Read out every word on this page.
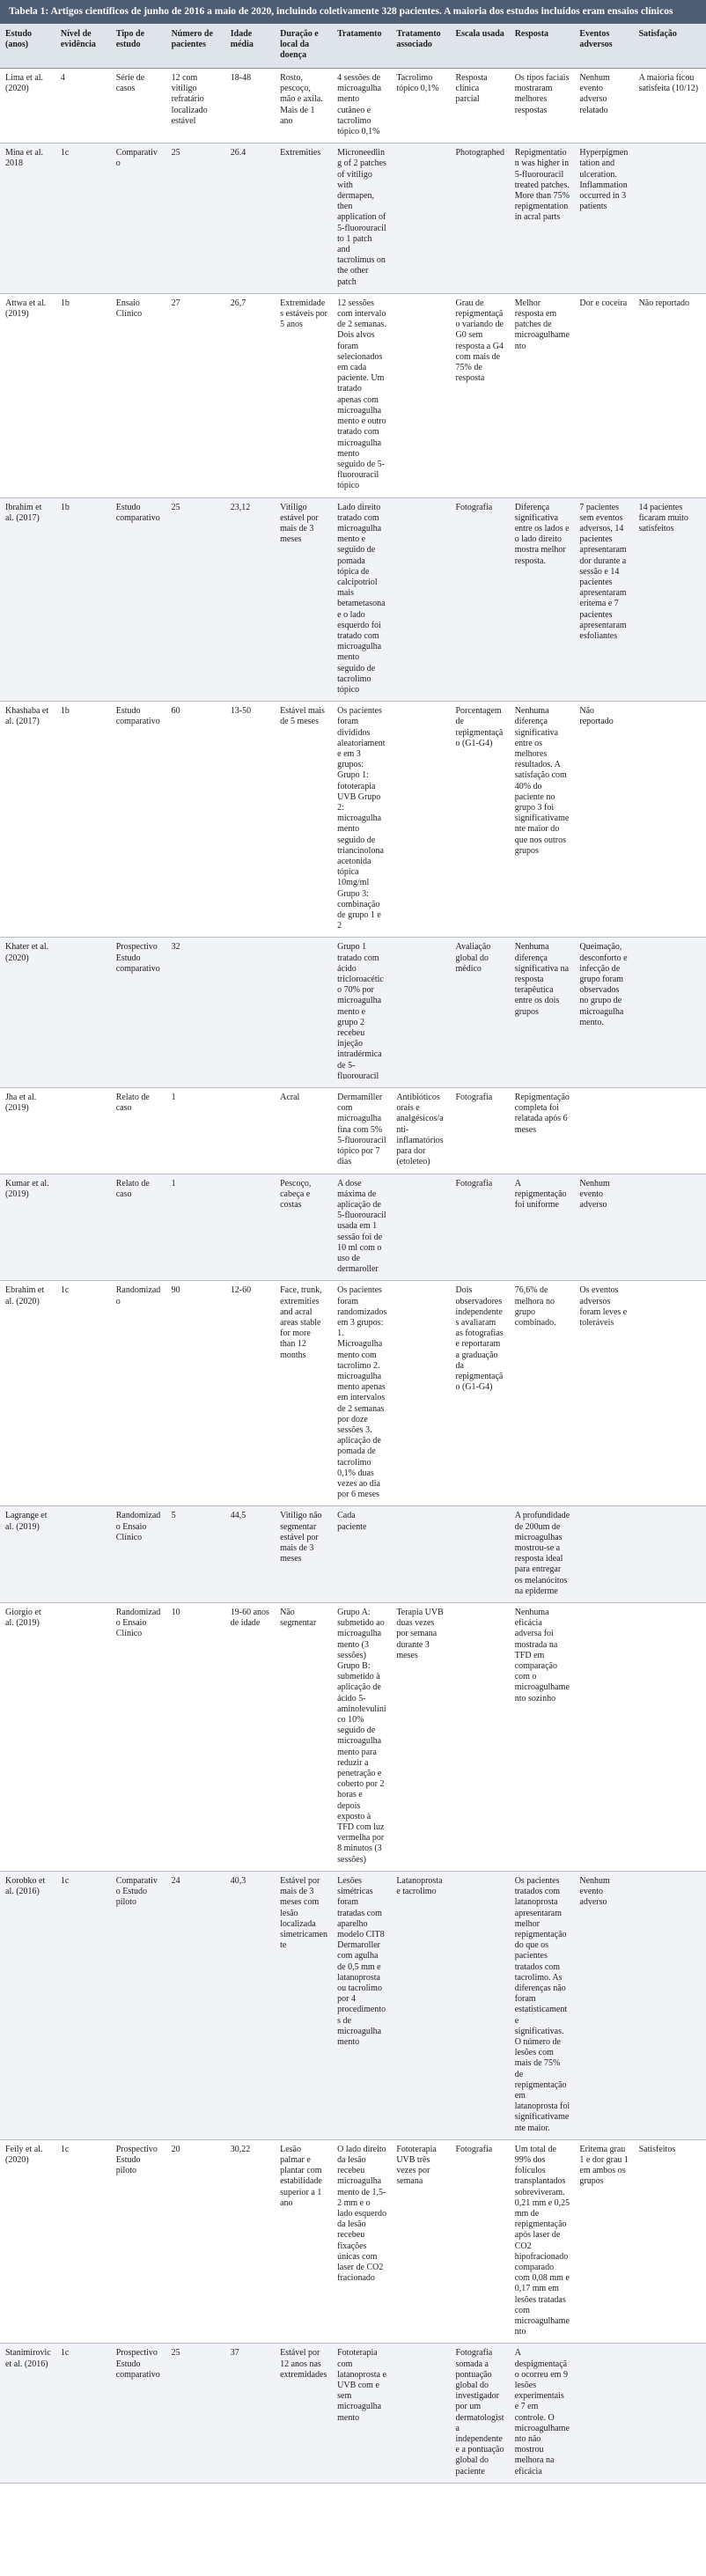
Tabela 1: Artigos científicos de junho de 2016 a maio de 2020, incluindo coletivamente 328 pacientes. A maioria dos estudos incluídos eram ensaios clínicos
Estudo (anos)	Nível de evidência	Tipo de estudo	Número de pacientes	Idade média	Duração e local da doença	Tratamento	Tratamento associado	Escala usada	Resposta	Eventos adversos	Satisfação
Lima et al. (2020)	4	Série de casos	12 com vitiligo refratário localizado estável	18-48	Rosto, pescoço, mão e axila. Mais de 1 ano	4 sessões de microagulhamento cutâneo e tacrolimo tópico 0,1%	Tacrolimo tópico 0,1%	Resposta clínica parcial	Os tipos faciais mostraram melhores respostas	Nenhum evento adverso relatado	A maioria ficou satisfeita (10/12)
Mina et al. 2018	1c	Comparativo	25	26.4	Extremities	Microneedling of 2 patches of vitiligo with dermapen, then application of 5-fluorouracil to 1 patch and tacrolimus on the other patch		Photographed	Repigmentation was higher in 5-fluorouracil treated patches. More than 75% repigmentation in acral parts	Hyperpigmentation and ulceration. Inflammation occurred in 3 patients	
Attwa et al. (2019)	1b	Ensaio Clínico	27	26,7	Extremidades estáveis por 5 anos	12 sessões com intervalo de 2 semanas. Dois alvos foram selecionados em cada paciente. Um tratado apenas com microagulhamento e outro tratado com microagulhamento seguido de 5-fluorouracil tópico		Grau de repigmentação variando de G0 sem resposta a G4 com mais de 75% de resposta	Melhor resposta em patches de microagulhamento	Dor e coceira	Não reportado
Ibrahim et al. (2017)	1b	Estudo comparativo	25	23,12	Vitiligo estável por mais de 3 meses	Lado direito tratado com microagulhamento e seguido de pomada tópica de calcipotriol mais betametasona e o lado esquerdo foi tratado com microagulhamento seguido de tacrolimo tópico		Fotografia	Diferença significativa entre os lados e o lado direito mostra melhor resposta.	7 pacientes sem eventos adversos, 14 pacientes apresentaram dor durante a sessão e 14 pacientes apresentaram eritema e 7 pacientes apresentaram esfoliantes	14 pacientes ficaram muito satisfeitos
Khashaba et al. (2017)	1b	Estudo comparativo	60	13-50	Estável mais de 5 meses	Os pacientes foram divididos aleatoriamente em 3 grupos: Grupo 1: fototerapia UVB Grupo 2: microagulhamento seguido de triancinolona acetonida tópica 10mg/ml Grupo 3: combinação de grupo 1 e 2		Porcentagem de repigmentação (G1-G4)	Nenhuma diferença significativa entre os melhores resultados. A satisfação com 40% do paciente no grupo 3 foi significativamente maior do que nos outros grupos	Não reportado	
Khater et al. (2020)		Prospectivo Estudo comparativo	32			Grupo 1 tratado com ácido tricloroacético 70% por microagulhamento e grupo 2 recebeu injeção intradérmica de 5-fluorouracil		Avaliação global do médico	Nenhuma diferença significativa na resposta terapêutica entre os dois grupos	Queimação, desconforto e infecção de grupo foram observados no grupo de microagulhamento.	
Jha et al. (2019)		Relato de caso	1		Acral	Dermamiller com microagulha fina com 5% 5-fluorouracil tópico por 7 dias	Antibióticos orais e analgésicos/anti-inflamatórios para dor (etoleteo)	Fotografia	Repigmentação completa foi relatada após 6 meses		
Kumar et al. (2019)		Relato de caso	1		Pescoço, cabeça e costas	A dose máxima de aplicação de 5-fluorouracil usada em 1 sessão foi de 10 ml com o uso de dermaroller		Fotografia	A repigmentação foi uniforme	Nenhum evento adverso	
Ebrahim et al. (2020)	1c	Randomizado	90	12-60	Face, trunk, extremities and acral areas stable for more than 12 months	Os pacientes foram randomizados em 3 grupos: 1. Microagulhamento com tacrolimo 2. microagulhamento apenas em intervalos de 2 semanas por doze sessões 3. aplicação de pomada de tacrolimo 0,1% duas vezes ao dia por 6 meses		Dois observadores independentes avaliaram as fotografias e reportaram a graduação da repigmentação (G1-G4)	76,6% de melhora no grupo combinado.	Os eventos adversos foram leves e toleráveis	
Lagrange et al. (2019)		Randomizado Ensaio Clínico	5	44,5	Vitiligo não segmentar estável por mais de 3 meses	Cada paciente			A profundidade de 200um de microagulhas mostrou-se a resposta ideal para entregar os melanócitos na epiderme		
Giorgio et al. (2019)		Randomizado Ensaio Clínico	10	19-60 anos de idade	Não segmentar	Grupo A: submetido ao microagulhamento (3 sessões) Grupo B: submetido à aplicação de ácido 5-aminolevulínico 10% seguido de microagulhamento para reduzir a penetração e coberto por 2 horas e depois exposto à TFD com luz vermelha por 8 minutos (3 sessões)	Terapia UVB duas vezes por semana durante 3 meses		Nenhuma eficácia adversa foi mostrada na TFD em comparação com o microagulhamento sozinho		
Korobko et al. (2016)	1c	Comparativo Estudo piloto	24	40,3	Estável por mais de 3 meses com lesão localizada simetricamente	Lesões simétricas foram tratadas com aparelho modelo CIT8 Dermaroller com agulha de 0,5 mm e latanoprosta ou tacrolimo por 4 procedimentos de microagulhamento	Latanoprosta e tacrolimo		Os pacientes tratados com latanoprosta apresentaram melhor repigmentação do que os pacientes tratados com tacrolimo. As diferenças não foram estatisticamente significativas. O número de lesões com mais de 75% de repigmentação em latanoprosta foi significativamente maior.	Nenhum evento adverso	
Feily et al. (2020)	1c	Prospectivo Estudo piloto	20	30,22	Lesão palmar e plantar com estabilidade superior a 1 ano	O lado direito da lesão recebeu microagulhamento de 1,5-2 mm e o lado esquerdo da lesão recebeu fixações únicas com laser de CO2 fracionado	Fototerapia UVB três vezes por semana	Fotografia	Um total de 99% dos folículos transplantados sobreviveram. 0,21 mm e 0,25 mm de repigmentação após laser de CO2 hipofracionado comparado com 0,08 mm e 0,17 mm em lesões tratadas com microagulhamento	Eritema grau 1 e dor grau 1 em ambos os grupos	Satisfeitos
Stanimirovic et al. (2016)	1c	Prospectivo Estudo comparativo	25	37	Estável por 12 anos nas extremidades	Fototerapia com latanoprosta e UVB com e sem microagulhamento		Fotografia somada a pontuação global do investigador por um dermatologista independente e a pontuação global do paciente	A despigmentação ocorreu em 9 lesões experimentais e 7 em controle. O microagulhamento não mostrou melhora na eficácia		
